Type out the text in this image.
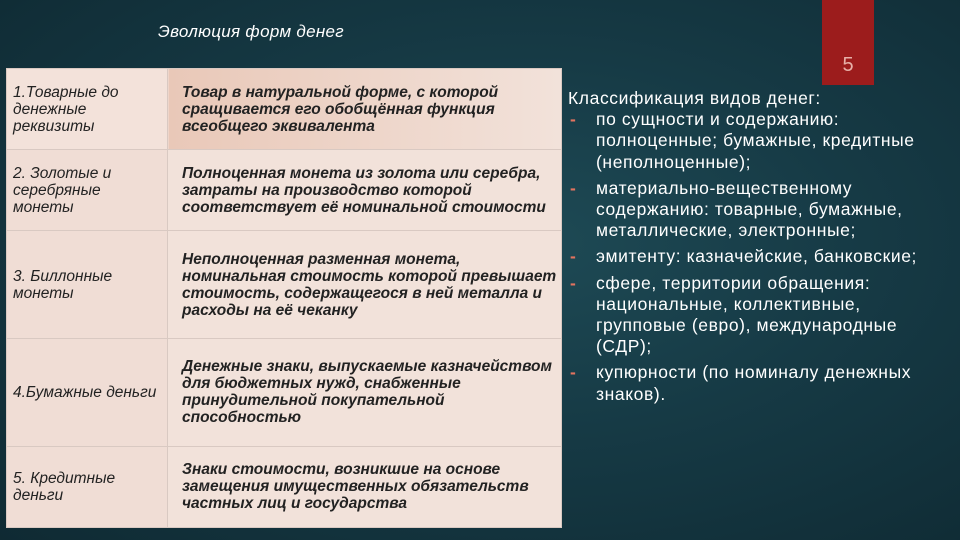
Эволюция форм денег
5
1.Товарные до денежные реквизиты	Товар в натуральной форме, с которой сращивается его обобщённая функция всеобщего эквивалента
2. Золотые и серебряные монеты	Полноценная монета из золота или серебра, затраты на производство которой соответствует её номинальной стоимости
3. Биллонные монеты	Неполноценная разменная монета, номинальная стоимость которой превышает стоимость, содержащегося в ней металла и расходы на её чеканку
4.Бумажные деньги	Денежные знаки, выпускаемые казначейством для бюджетных нужд, снабженные принудительной покупательной способностью
5. Кредитные деньги	Знаки стоимости, возникшие на основе замещения имущественных обязательств частных лиц и государства
Классификация видов денег:
- по сущности и содержанию: полноценные; бумажные, кредитные (неполноценные);
- материально-вещественному содержанию: товарные, бумажные, металлические, электронные;
- эмитенту: казначейские, банковские;
- сфере, территории обращения: национальные, коллективные, групповые (евро), международные (СДР);
- купюрности (по номиналу денежных знаков).
